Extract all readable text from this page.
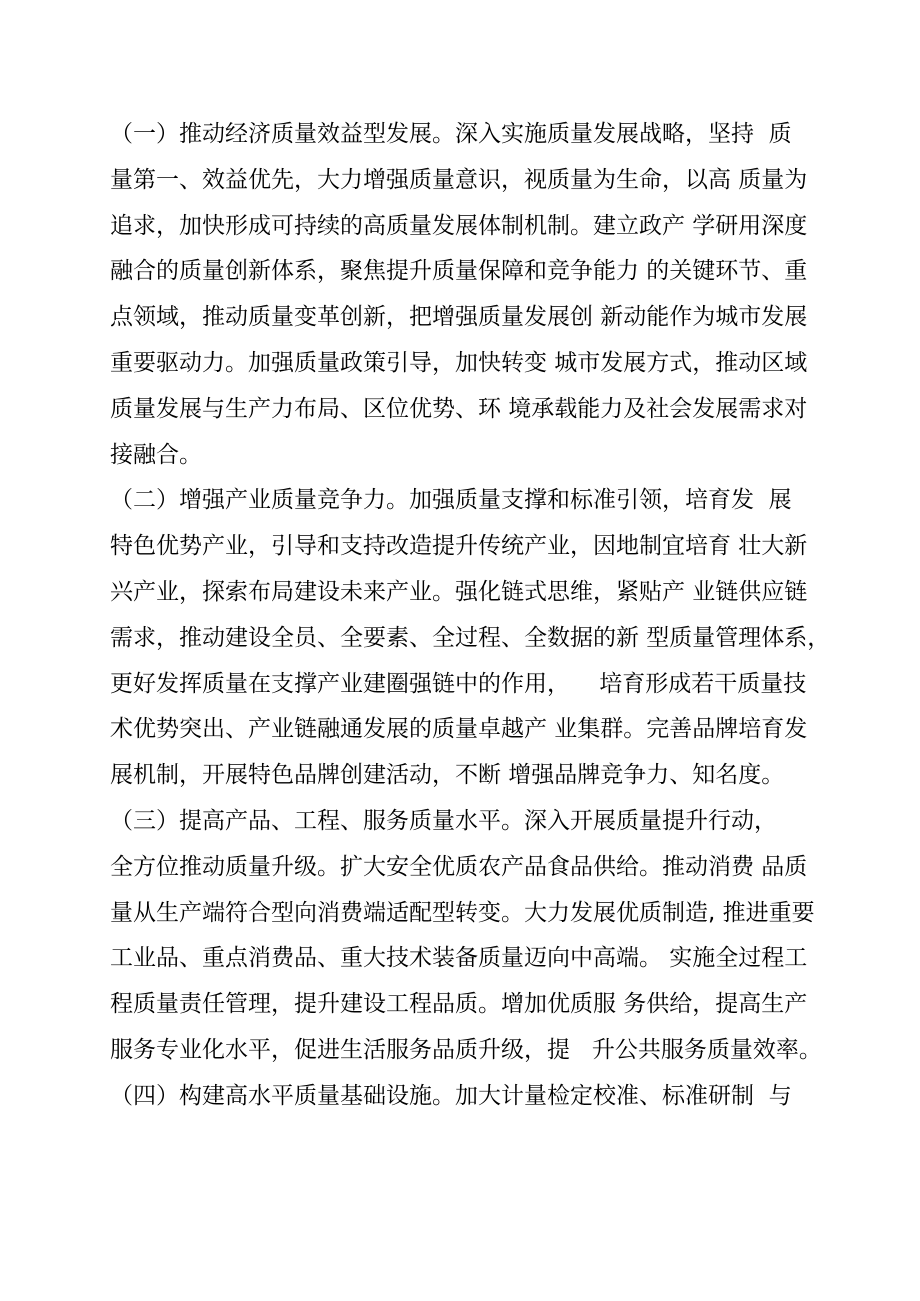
（一）推动经济质量效益型发展。深入实施质量发展战略，坚持  质
量第一、效益优先，大力增强质量意识，视质量为生命，以高 质量为
追求，加快形成可持续的高质量发展体制机制。建立政产 学研用深度
融合的质量创新体系，聚焦提升质量保障和竞争能力 的关键环节、重
点领域，推动质量变革创新，把增强质量发展创 新动能作为城市发展
重要驱动力。加强质量政策引导，加快转变 城市发展方式，推动区域
质量发展与生产力布局、区位优势、环 境承载能力及社会发展需求对
接融合。
（二）增强产业质量竞争力。加强质量支撑和标准引领，培育发  展
特色优势产业，引导和支持改造提升传统产业，因地制宜培育 壮大新
兴产业，探索布局建设未来产业。强化链式思维，紧贴产 业链供应链
需求，推动建设全员、全要素、全过程、全数据的新 型质量管理体系，
更好发挥质量在支撑产业建圈强链中的作用，    培育形成若干质量技
术优势突出、产业链融通发展的质量卓越产 业集群。完善品牌培育发
展机制，开展特色品牌创建活动，不断 增强品牌竞争力、知名度。
（三）提高产品、工程、服务质量水平。深入开展质量提升行动，
全方位推动质量升级。扩大安全优质农产品食品供给。推动消费 品质
量从生产端符合型向消费端适配型转变。大力发展优质制造, 推进重要
工业品、重点消费品、重大技术装备质量迈向中高端。 实施全过程工
程质量责任管理，提升建设工程品质。增加优质服 务供给，提高生产
服务专业化水平，促进生活服务品质升级，提   升公共服务质量效率。
（四）构建高水平质量基础设施。加大计量检定校准、标准研制  与
